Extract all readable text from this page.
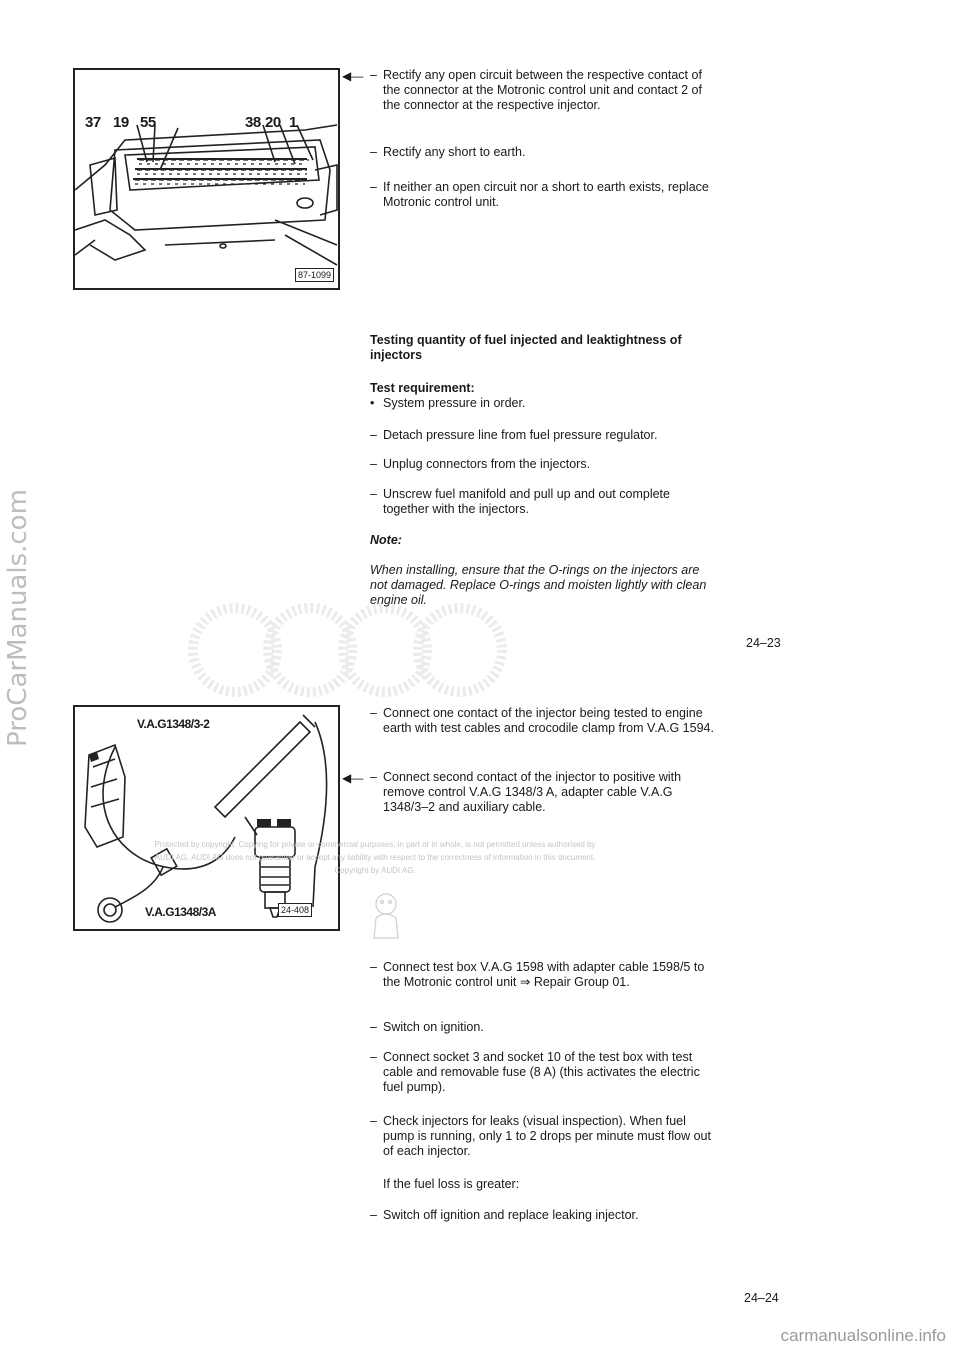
ProCarManuals.com
37 19 55	38 20 1
87-1099
◀— – Rectify any open circuit between the respective contact of the connector at the Motronic control unit and contact 2 of the connector at the respective injector.
– Rectify any short to earth.
– If neither an open circuit nor a short to earth exists, replace Motronic control unit.
Testing quantity of fuel injected and leaktightness of injectors
Test requirement:
• System pressure in order.
– Detach pressure line from fuel pressure regulator.
– Unplug connectors from the injectors.
– Unscrew fuel manifold and pull up and out complete together with the injectors.
Note:
When installing, ensure that the O-rings on the injectors are not damaged. Replace O-rings and moisten lightly with clean engine oil.
24–23
V.A.G1348/3-2
V.A.G1348/3A	24-408
– Connect one contact of the injector being tested to engine earth with test cables and crocodile clamp from V.A.G 1594.
◀— – Connect second contact of the injector to positive with remove control V.A.G 1348/3 A, adapter cable V.A.G 1348/3–2 and auxiliary cable.
Protected by copyright. Copying for private or commercial purposes, in part or in whole, is not permitted unless authorised by AUDI AG. AUDI AG does not guarantee or accept any liability with respect to the correctness of information in this document. Copyright by AUDI AG.
– Connect test box V.A.G 1598 with adapter cable 1598/5 to the Motronic control unit ⇒ Repair Group 01.
– Switch on ignition.
– Connect socket 3 and socket 10 of the test box with test cable and removable fuse (8 A) (this activates the electric fuel pump).
– Check injectors for leaks (visual inspection). When fuel pump is running, only 1 to 2 drops per minute must flow out of each injector.
If the fuel loss is greater:
– Switch off ignition and replace leaking injector.
24–24
carmanualsonline.info
